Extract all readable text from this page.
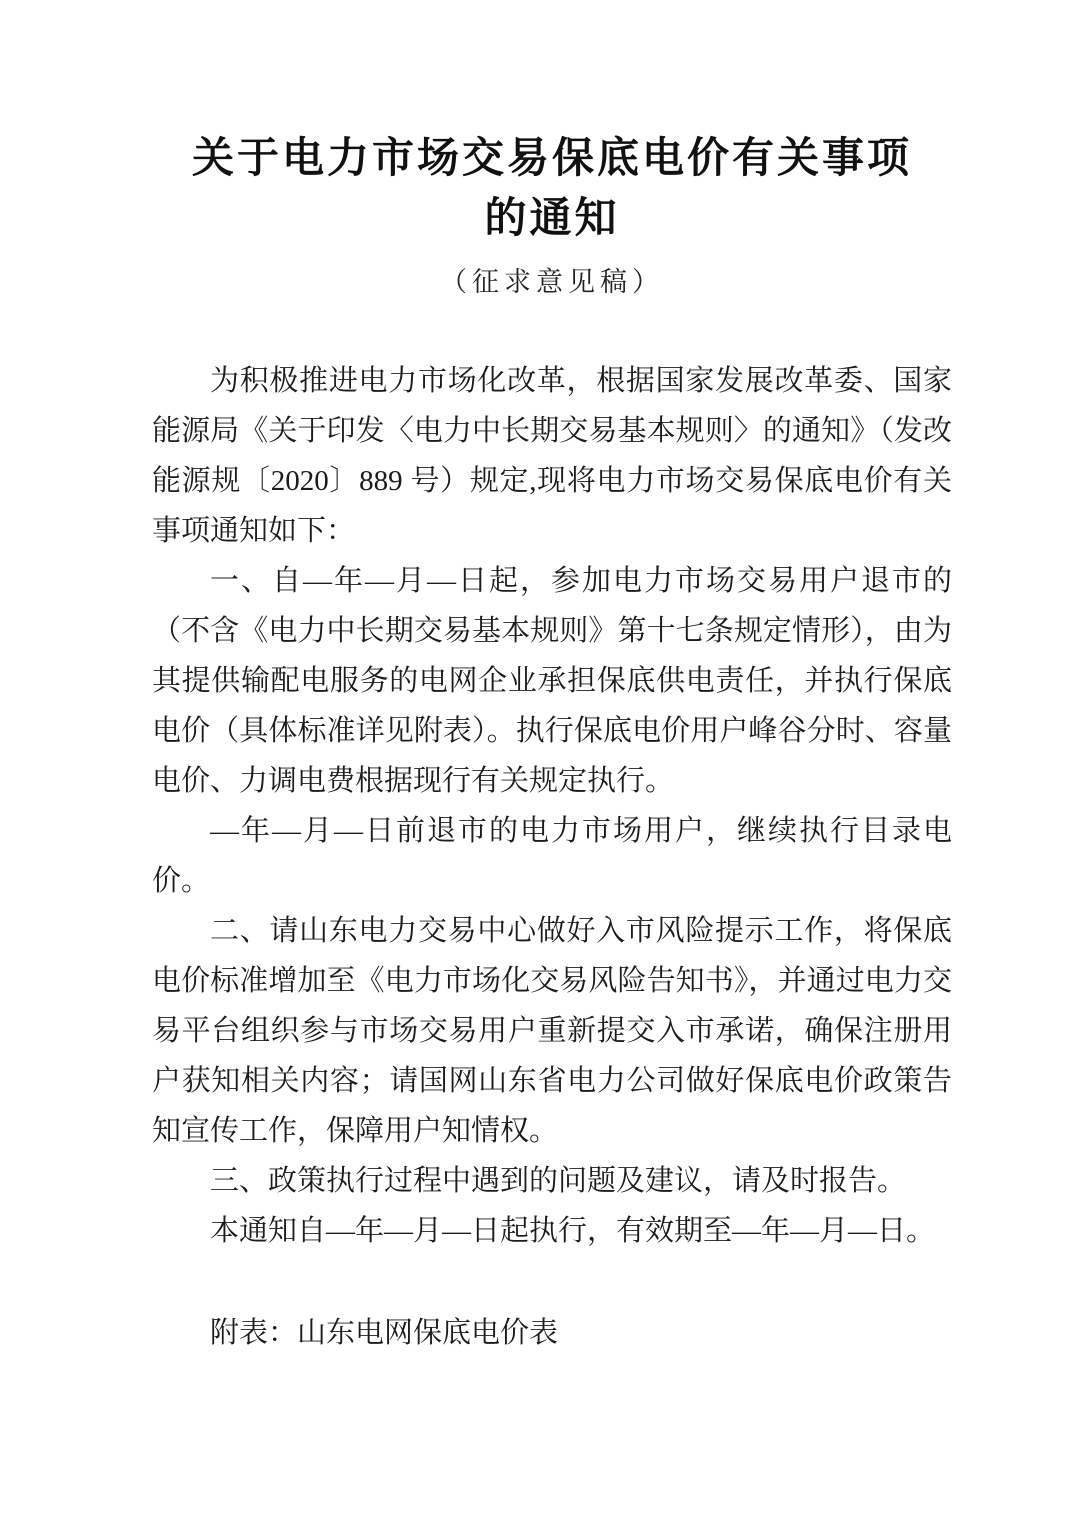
关于电力市场交易保底电价有关事项
的通知
（征求意见稿）

为积极推进电力市场化改革，根据国家发展改革委、国家能源局《关于印发〈电力中长期交易基本规则〉的通知》（发改能源规〔2020〕889 号）规定,现将电力市场交易保底电价有关事项通知如下：

一、自—年—月—日起，参加电力市场交易用户退市的（不含《电力中长期交易基本规则》第十七条规定情形），由为其提供输配电服务的电网企业承担保底供电责任，并执行保底电价（具体标准详见附表）。执行保底电价用户峰谷分时、容量电价、力调电费根据现行有关规定执行。

—年—月—日前退市的电力市场用户，继续执行目录电价。

二、请山东电力交易中心做好入市风险提示工作，将保底电价标准增加至《电力市场化交易风险告知书》，并通过电力交易平台组织参与市场交易用户重新提交入市承诺，确保注册用户获知相关内容；请国网山东省电力公司做好保底电价政策告知宣传工作，保障用户知情权。

三、政策执行过程中遇到的问题及建议，请及时报告。

本通知自—年—月—日起执行，有效期至—年—月—日。

附表：山东电网保底电价表
